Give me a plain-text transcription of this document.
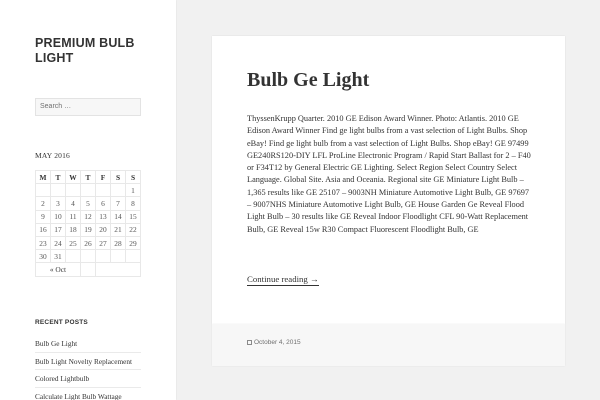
PREMIUM BULB LIGHT
Search …
MAY 2016
M	T	W	T	F	S	S
						1
2	3	4	5	6	7	8
9	10	11	12	13	14	15
16	17	18	19	20	21	22
23	24	25	26	27	28	29
30	31					
« Oct						
RECENT POSTS
Bulb Ge Light
Bulb Light Novelty Replacement
Colored Lightbulb
Calculate Light Bulb Wattage
Bulb Ge Light

ThyssenKrupp Quarter. 2010 GE Edison Award Winner. Photo: Atlantis. 2010 GE Edison Award Winner Find ge light bulbs from a vast selection of Light Bulbs. Shop eBay! Find ge light bulb from a vast selection of Light Bulbs. Shop eBay! GE 97499 GE240RS120-DIY LFL ProLine Electronic Program / Rapid Start Ballast for 2 – F40 or F34T12 by General Electric GE Lighting. Select Region Select Country Select Language. Global Site. Asia and Oceania. Regional site GE Miniature Light Bulb – 1,365 results like GE 25107 – 9003NH Miniature Automotive Light Bulb, GE 97697 – 9007NHS Miniature Automotive Light Bulb, GE House Garden Ge Reveal Flood Light Bulb – 30 results like GE Reveal Indoor Floodlight CFL 90-Watt Replacement Bulb, GE Reveal 15w R30 Compact Fluorescent Floodlight Bulb, GE

Continue reading →
October 4, 2015
